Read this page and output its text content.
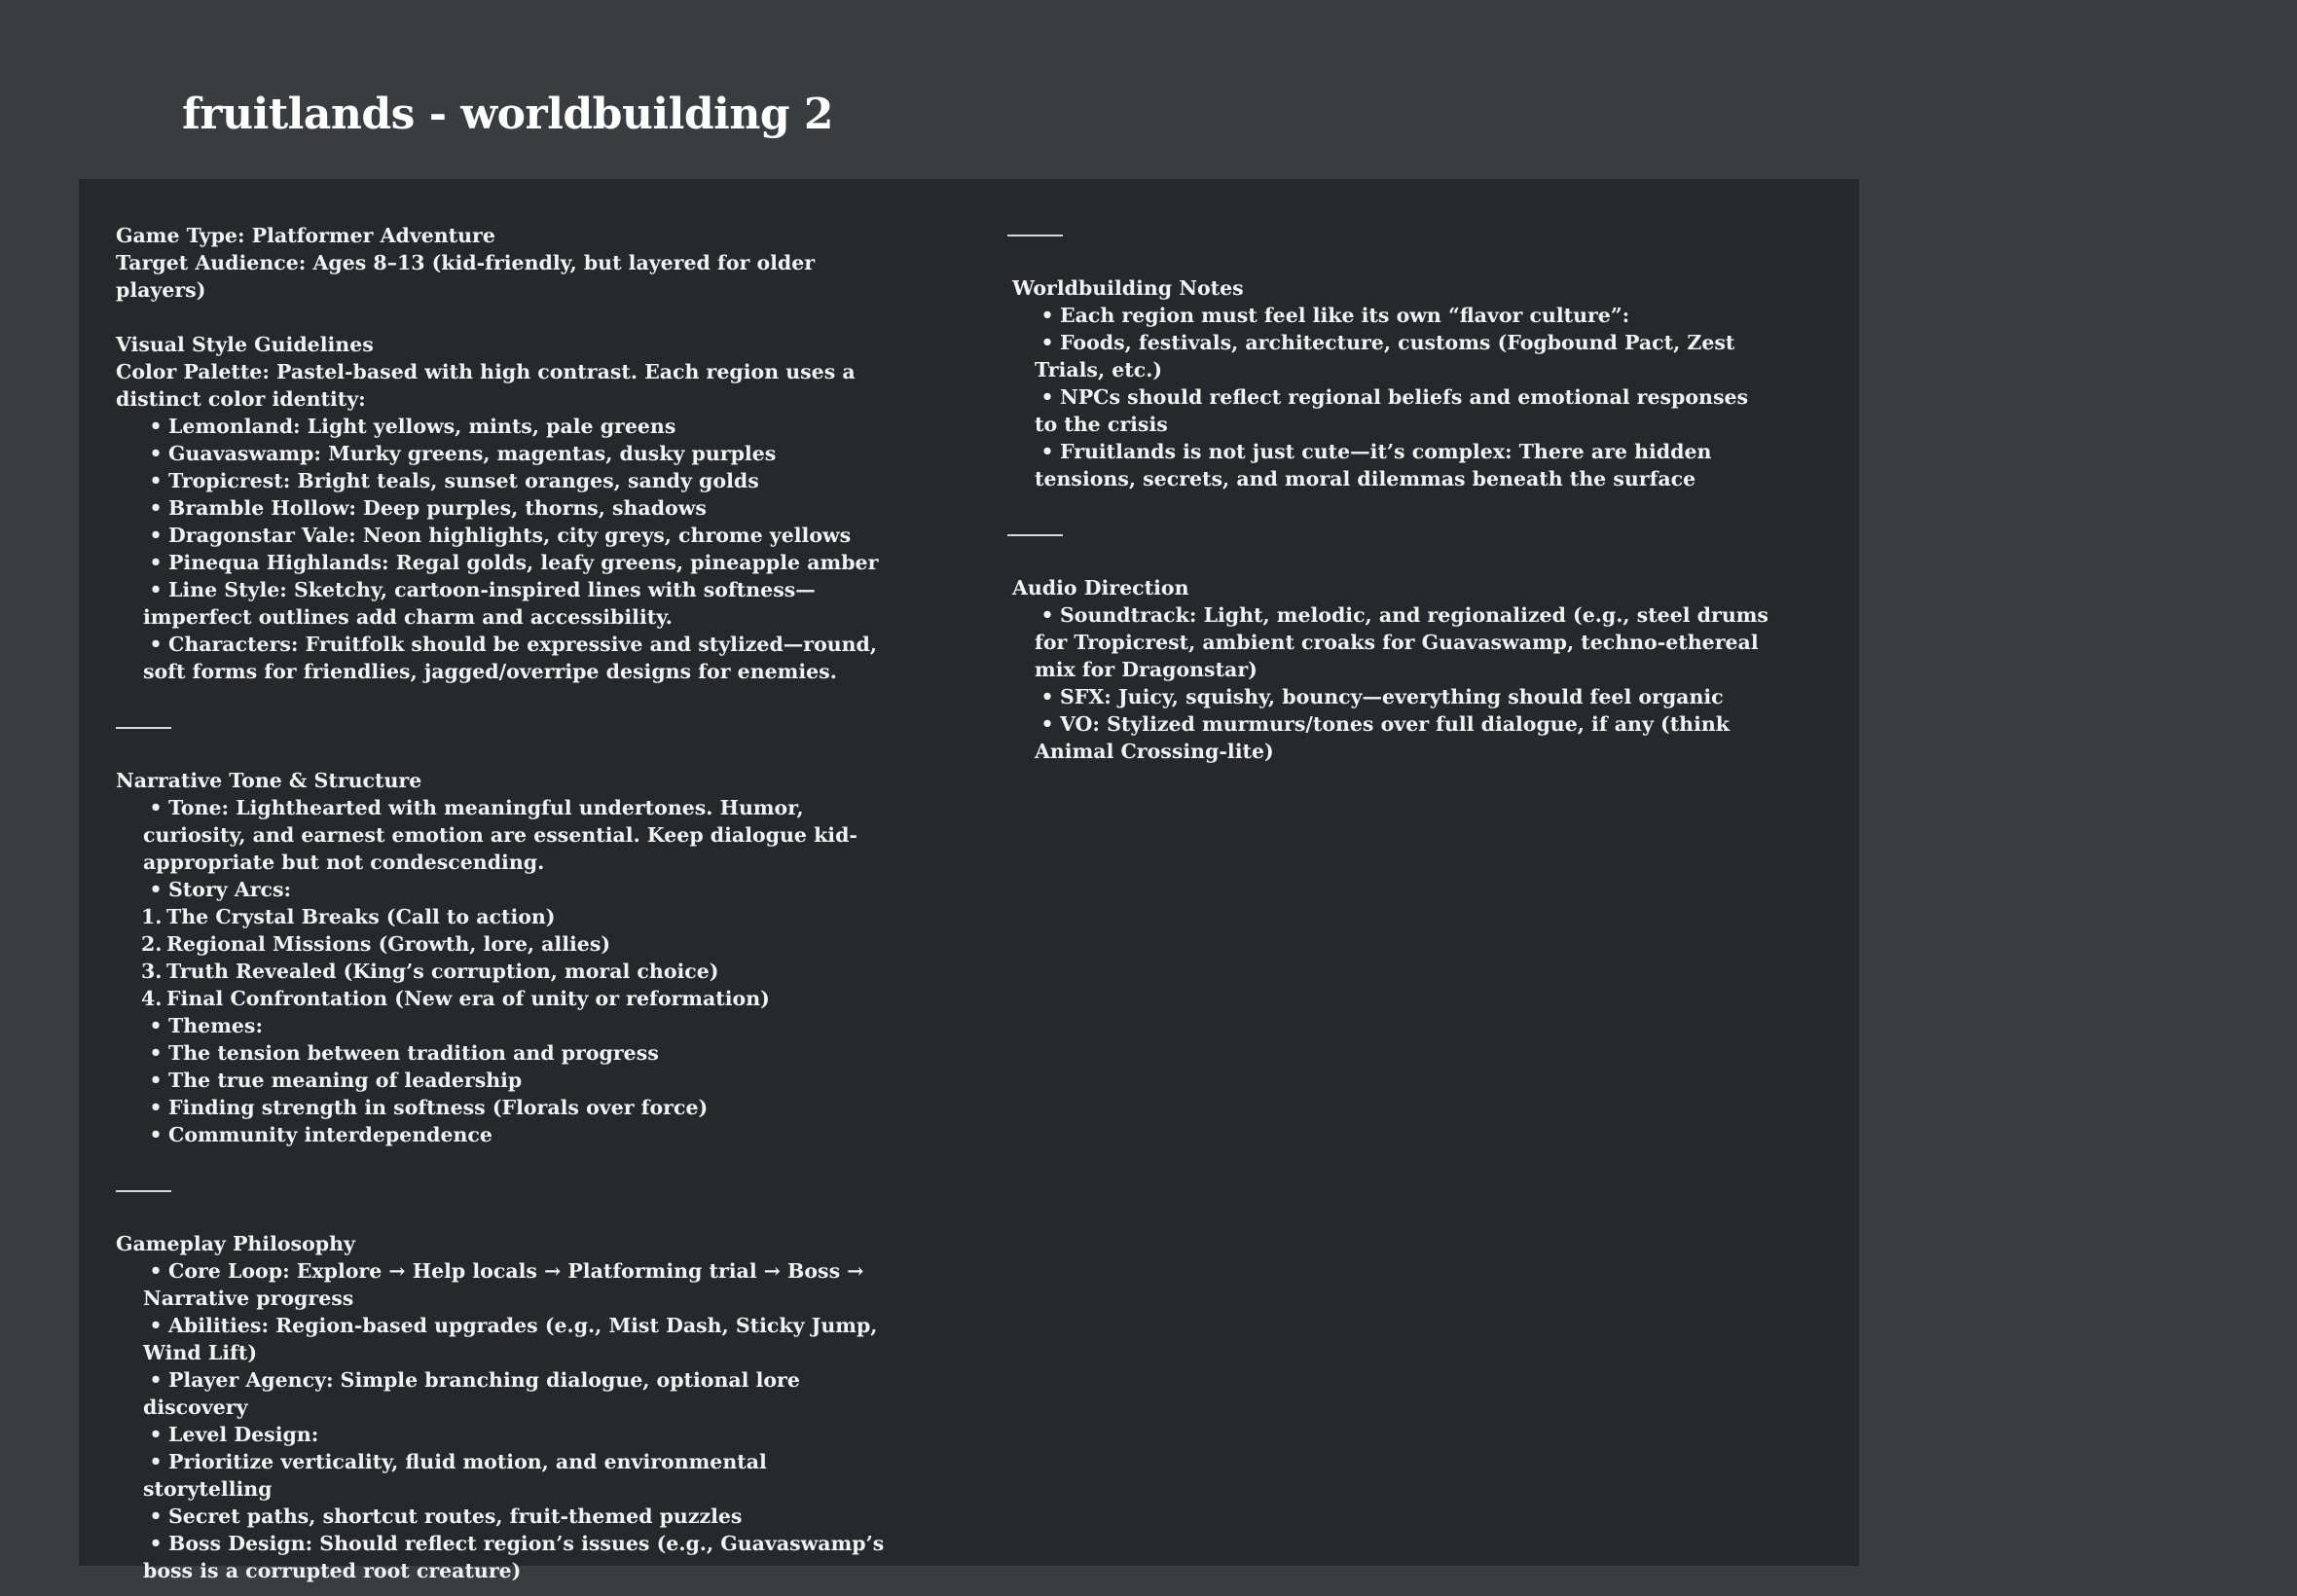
fruitlands - worldbuilding 2
Game Type: Platformer Adventure
Target Audience: Ages 8–13 (kid-friendly, but layered for older players)
Visual Style Guidelines
Color Palette: Pastel-based with high contrast. Each region uses a distinct color identity:
• Lemonland: Light yellows, mints, pale greens
• Guavaswamp: Murky greens, magentas, dusky purples
• Tropicrest: Bright teals, sunset oranges, sandy golds
• Bramble Hollow: Deep purples, thorns, shadows
• Dragonstar Vale: Neon highlights, city greys, chrome yellows
• Pinequa Highlands: Regal golds, leafy greens, pineapple amber
• Line Style: Sketchy, cartoon-inspired lines with softness—imperfect outlines add charm and accessibility.
• Characters: Fruitfolk should be expressive and stylized—round, soft forms for friendlies, jagged/overripe designs for enemies.
Narrative Tone & Structure
• Tone: Lighthearted with meaningful undertones. Humor, curiosity, and earnest emotion are essential. Keep dialogue kid-appropriate but not condescending.
• Story Arcs:
1. The Crystal Breaks (Call to action)
2. Regional Missions (Growth, lore, allies)
3. Truth Revealed (King’s corruption, moral choice)
4. Final Confrontation (New era of unity or reformation)
• Themes:
• The tension between tradition and progress
• The true meaning of leadership
• Finding strength in softness (Florals over force)
• Community interdependence
Gameplay Philosophy
• Core Loop: Explore → Help locals → Platforming trial → Boss → Narrative progress
• Abilities: Region-based upgrades (e.g., Mist Dash, Sticky Jump, Wind Lift)
• Player Agency: Simple branching dialogue, optional lore discovery
• Level Design:
• Prioritize verticality, fluid motion, and environmental storytelling
• Secret paths, shortcut routes, fruit-themed puzzles
• Boss Design: Should reflect region’s issues (e.g., Guavaswamp’s boss is a corrupted root creature)
Worldbuilding Notes
• Each region must feel like its own “flavor culture”:
• Foods, festivals, architecture, customs (Fogbound Pact, Zest Trials, etc.)
• NPCs should reflect regional beliefs and emotional responses to the crisis
• Fruitlands is not just cute—it’s complex: There are hidden tensions, secrets, and moral dilemmas beneath the surface
Audio Direction
• Soundtrack: Light, melodic, and regionalized (e.g., steel drums for Tropicrest, ambient croaks for Guavaswamp, techno-ethereal mix for Dragonstar)
• SFX: Juicy, squishy, bouncy—everything should feel organic
• VO: Stylized murmurs/tones over full dialogue, if any (think Animal Crossing-lite)
